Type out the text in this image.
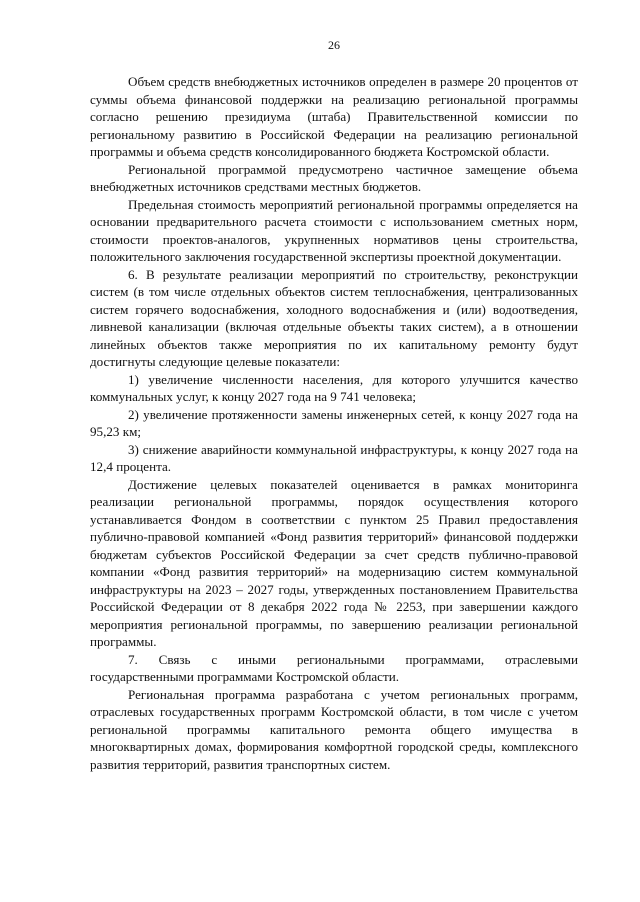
26

Объем средств внебюджетных источников определен в размере 20 процентов от суммы объема финансовой поддержки на реализацию региональной программы согласно решению президиума (штаба) Правительственной комиссии по региональному развитию в Российской Федерации на реализацию региональной программы и объема средств консолидированного бюджета Костромской области.

Региональной программой предусмотрено частичное замещение объема внебюджетных источников средствами местных бюджетов.

Предельная стоимость мероприятий региональной программы определяется на основании предварительного расчета стоимости с использованием сметных норм, стоимости проектов-аналогов, укрупненных нормативов цены строительства, положительного заключения государственной экспертизы проектной документации.

6. В результате реализации мероприятий по строительству, реконструкции систем (в том числе отдельных объектов систем теплоснабжения, централизованных систем горячего водоснабжения, холодного водоснабжения и (или) водоотведения, ливневой канализации (включая отдельные объекты таких систем), а в отношении линейных объектов также мероприятия по их капитальному ремонту будут достигнуты следующие целевые показатели:

1) увеличение численности населения, для которого улучшится качество коммунальных услуг, к концу 2027 года на 9 741 человека;

2) увеличение протяженности замены инженерных сетей, к концу 2027 года на 95,23 км;

3) снижение аварийности коммунальной инфраструктуры, к концу 2027 года на 12,4 процента.

Достижение целевых показателей оценивается в рамках мониторинга реализации региональной программы, порядок осуществления которого устанавливается Фондом в соответствии с пунктом 25 Правил предоставления публично-правовой компанией «Фонд развития территорий» финансовой поддержки бюджетам субъектов Российской Федерации за счет средств публично-правовой компании «Фонд развития территорий» на модернизацию систем коммунальной инфраструктуры на 2023 – 2027 годы, утвержденных постановлением Правительства Российской Федерации от 8 декабря 2022 года № 2253, при завершении каждого мероприятия региональной программы, по завершению реализации региональной программы.

7. Связь с иными региональными программами, отраслевыми государственными программами Костромской области.

Региональная программа разработана с учетом региональных программ, отраслевых государственных программ Костромской области, в том числе с учетом региональной программы капитального ремонта общего имущества в многоквартирных домах, формирования комфортной городской среды, комплексного развития территорий, развития транспортных систем.
